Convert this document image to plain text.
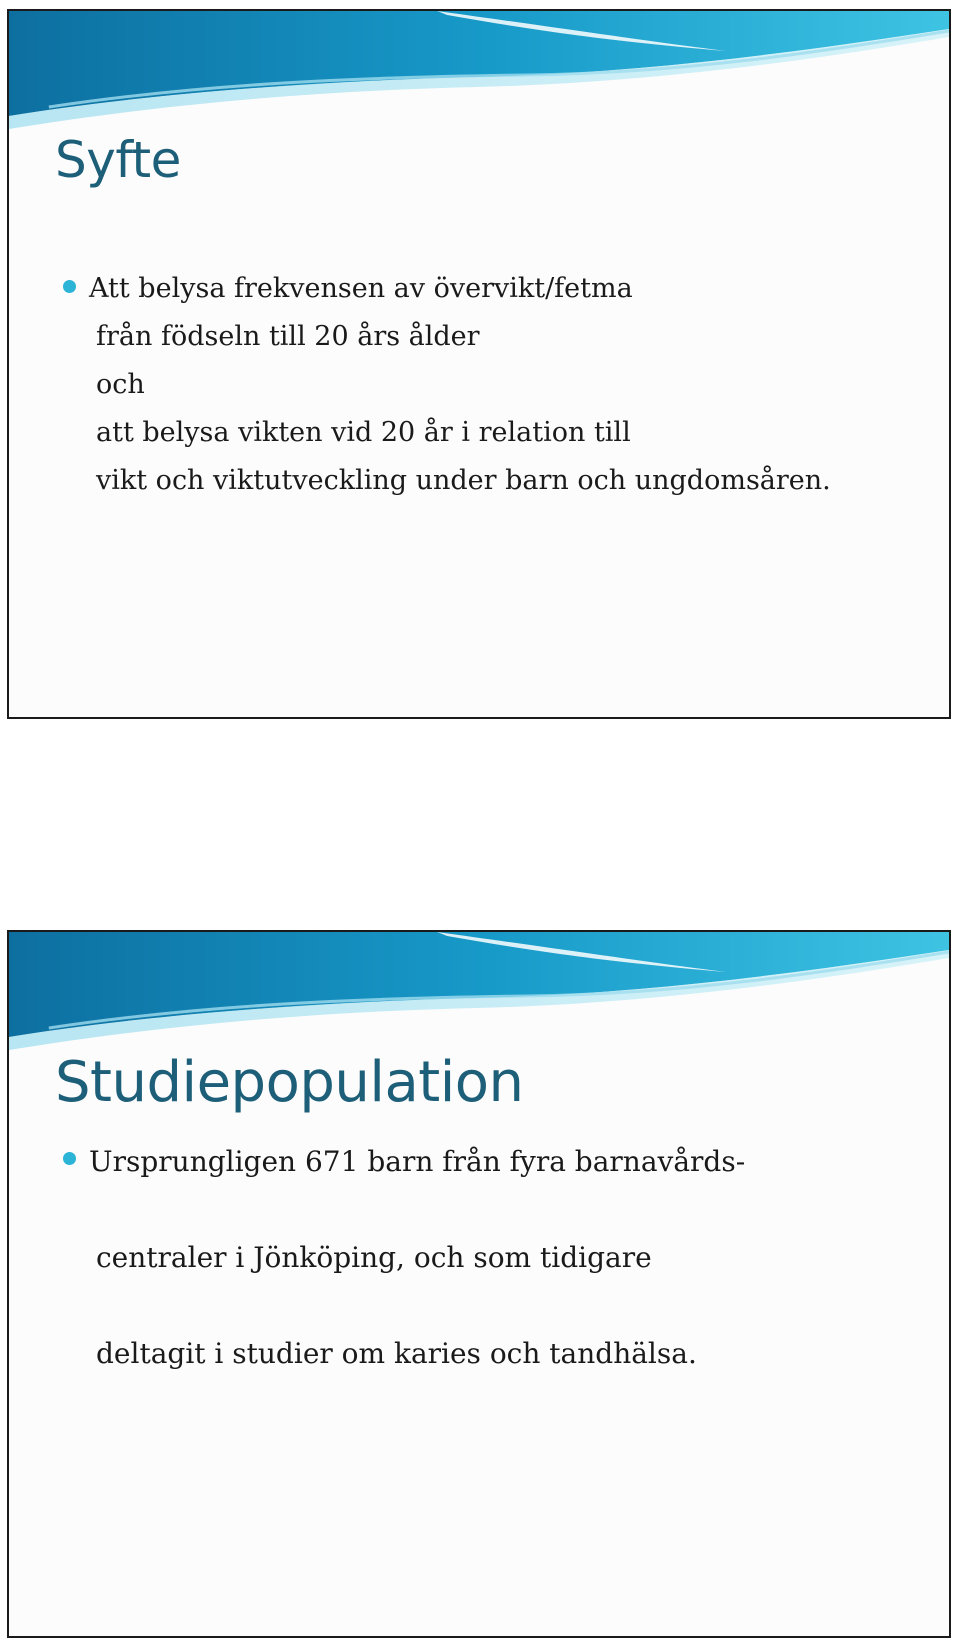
Syfte
Att belysa frekvensen av övervikt/fetma
från födseln till 20 års ålder
och
att belysa vikten vid 20 år i relation till
vikt och viktutveckling under barn och ungdomsåren.
Studiepopulation
Ursprungligen 671 barn från fyra barnavårds-
centraler i Jönköping, och som tidigare
deltagit i studier om karies och tandhälsa.
